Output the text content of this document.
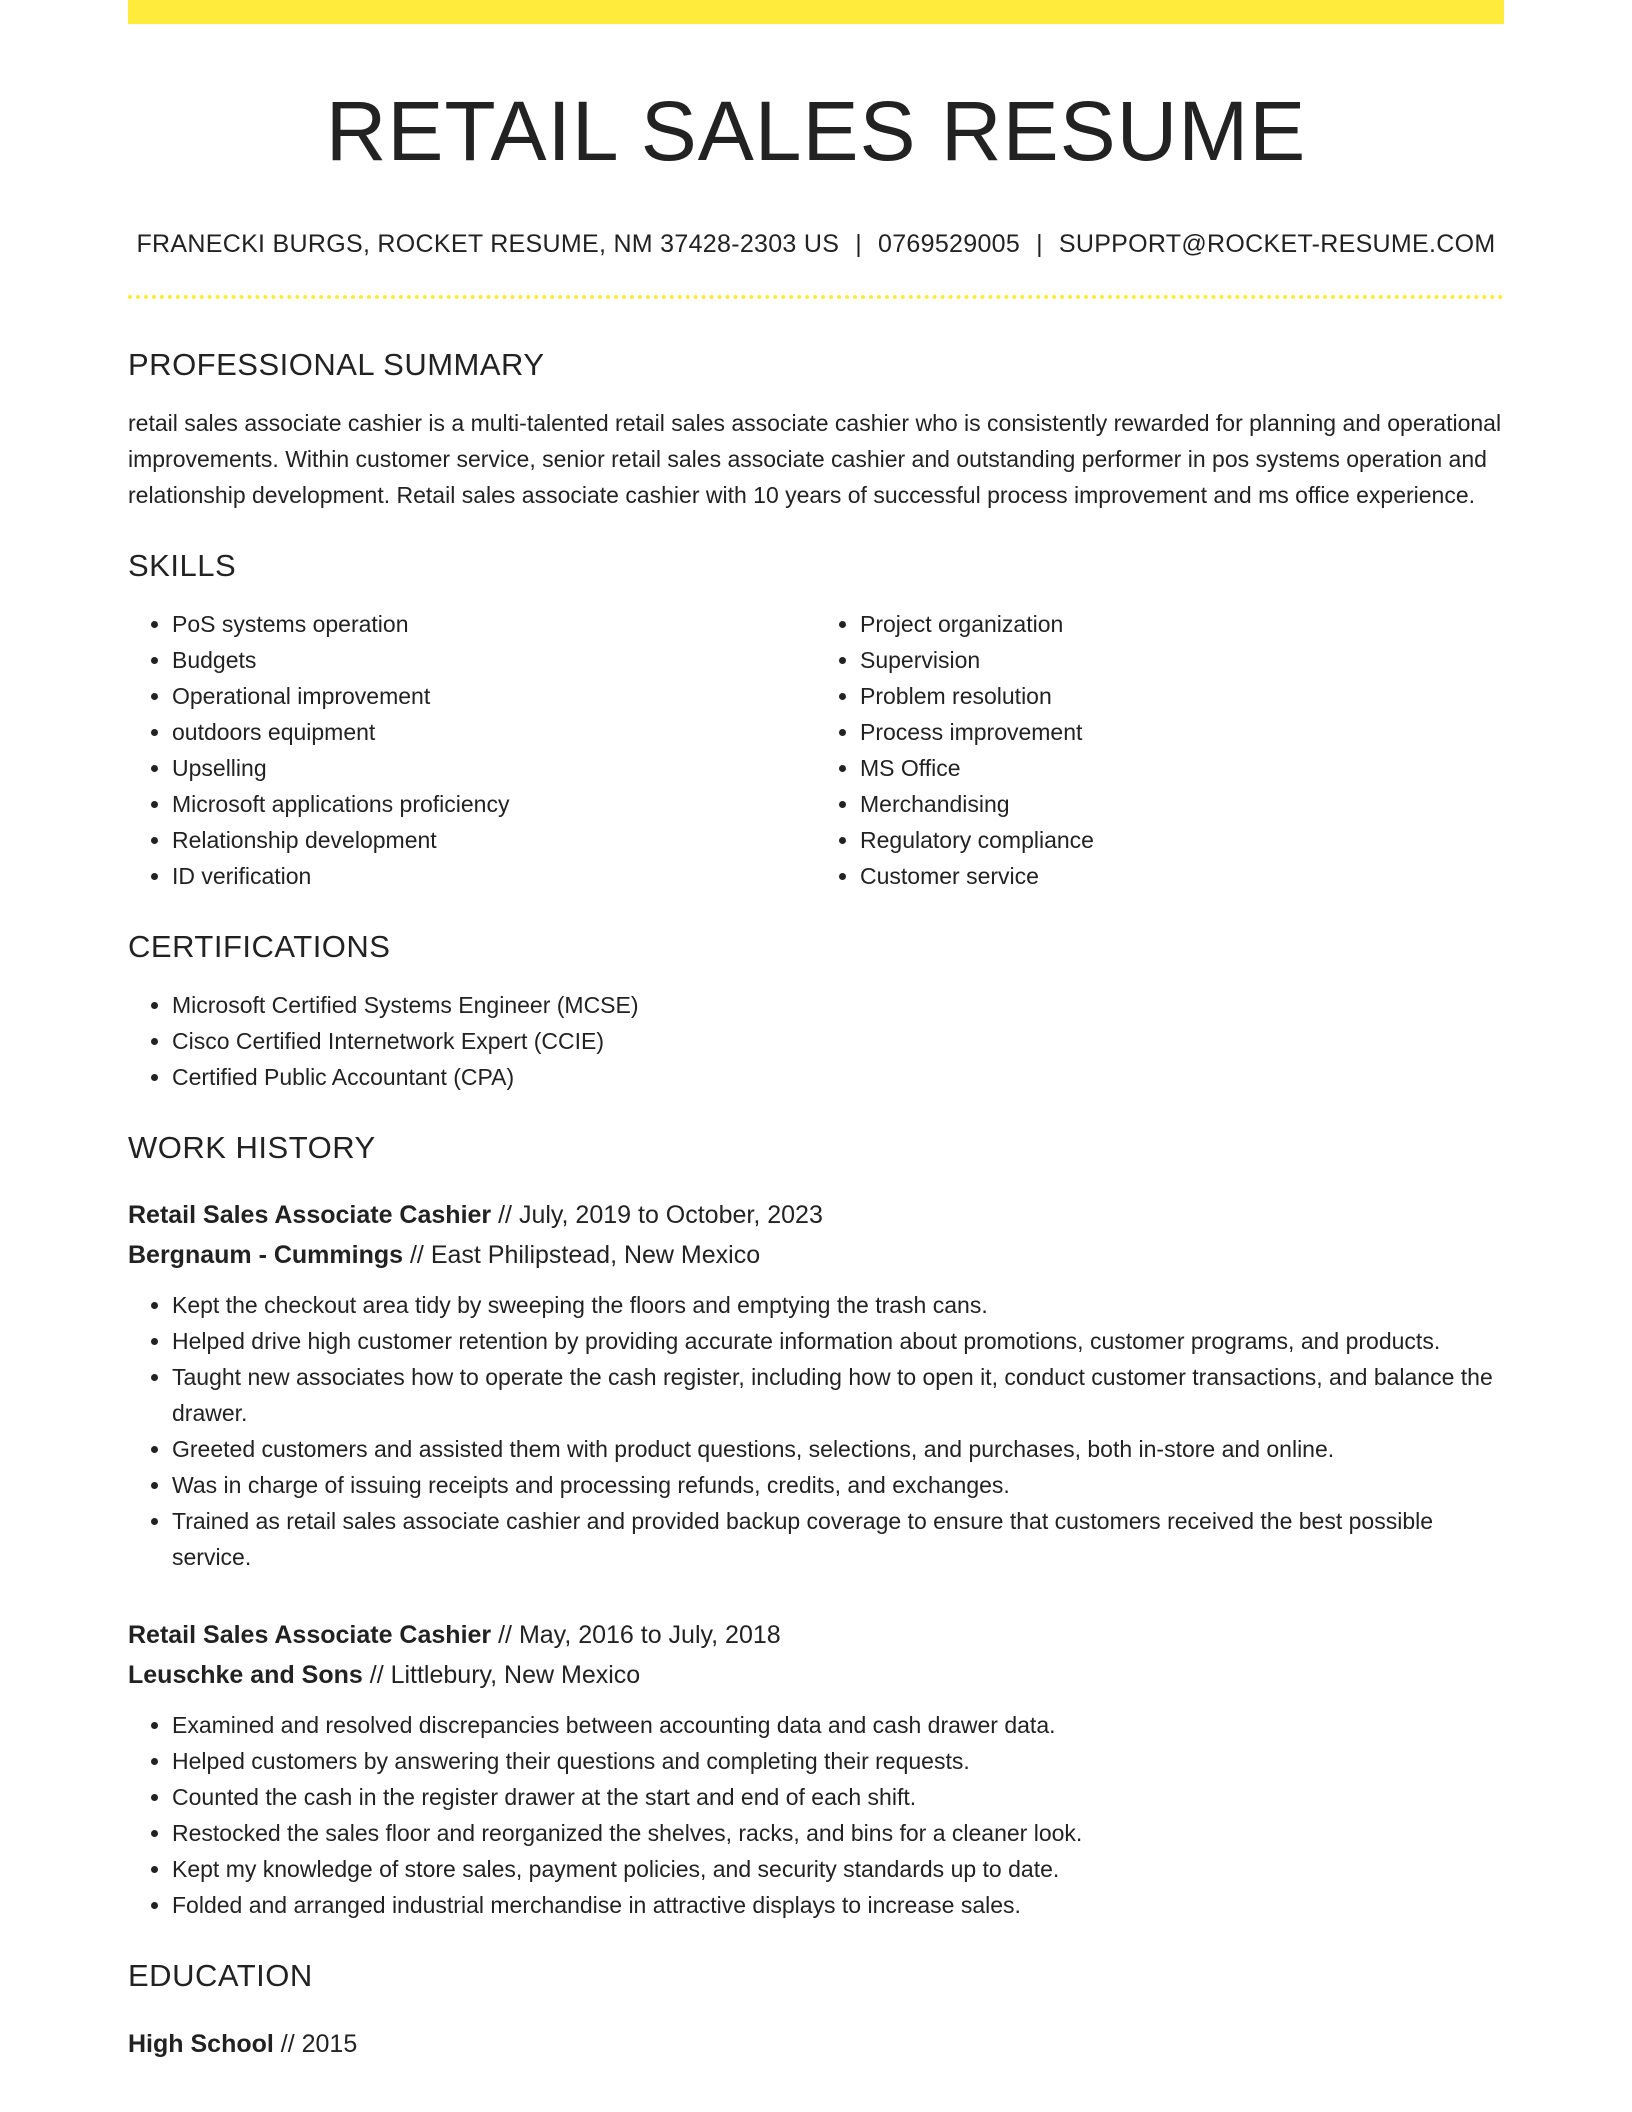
RETAIL SALES RESUME
FRANECKI BURGS, ROCKET RESUME, NM 37428-2303 US | 0769529005 | SUPPORT@ROCKET-RESUME.COM
PROFESSIONAL SUMMARY

retail sales associate cashier is a multi-talented retail sales associate cashier who is consistently rewarded for planning and operational improvements. Within customer service, senior retail sales associate cashier and outstanding performer in pos systems operation and relationship development. Retail sales associate cashier with 10 years of successful process improvement and ms office experience.

SKILLS
• PoS systems operation
• Budgets
• Operational improvement
• outdoors equipment
• Upselling
• Microsoft applications proficiency
• Relationship development
• ID verification
• Project organization
• Supervision
• Problem resolution
• Process improvement
• MS Office
• Merchandising
• Regulatory compliance
• Customer service
CERTIFICATIONS
• Microsoft Certified Systems Engineer (MCSE)
• Cisco Certified Internetwork Expert (CCIE)
• Certified Public Accountant (CPA)
WORK HISTORY
Retail Sales Associate Cashier // July, 2019 to October, 2023
Bergnaum - Cummings // East Philipstead, New Mexico
• Kept the checkout area tidy by sweeping the floors and emptying the trash cans.
• Helped drive high customer retention by providing accurate information about promotions, customer programs, and products.
• Taught new associates how to operate the cash register, including how to open it, conduct customer transactions, and balance the drawer.
• Greeted customers and assisted them with product questions, selections, and purchases, both in-store and online.
• Was in charge of issuing receipts and processing refunds, credits, and exchanges.
• Trained as retail sales associate cashier and provided backup coverage to ensure that customers received the best possible service.
Retail Sales Associate Cashier // May, 2016 to July, 2018
Leuschke and Sons // Littlebury, New Mexico
• Examined and resolved discrepancies between accounting data and cash drawer data.
• Helped customers by answering their questions and completing their requests.
• Counted the cash in the register drawer at the start and end of each shift.
• Restocked the sales floor and reorganized the shelves, racks, and bins for a cleaner look.
• Kept my knowledge of store sales, payment policies, and security standards up to date.
• Folded and arranged industrial merchandise in attractive displays to increase sales.
EDUCATION
High School // 2015
